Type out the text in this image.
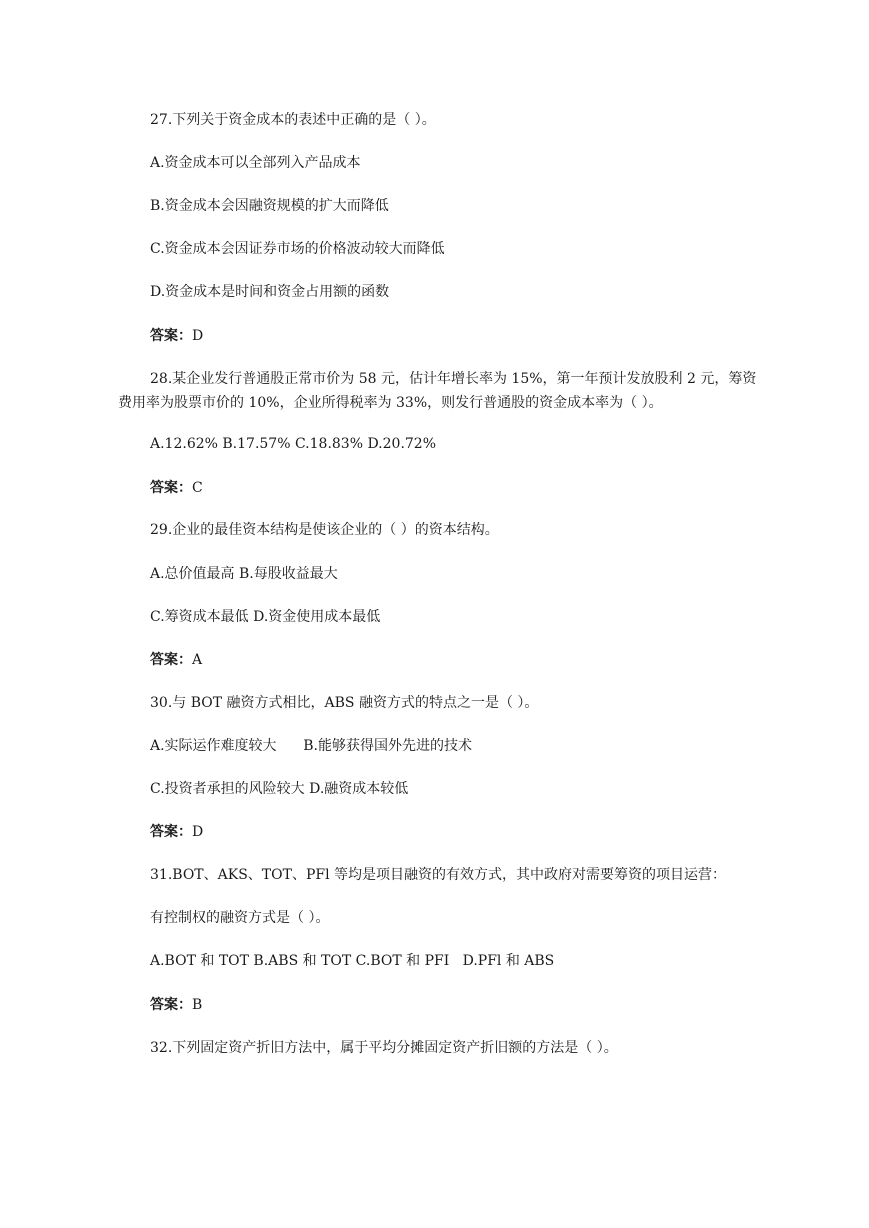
27.下列关于资金成本的表述中正确的是（ ）。
A.资金成本可以全部列入产品成本
B.资金成本会因融资规模的扩大而降低
C.资金成本会因证券市场的价格波动较大而降低
D.资金成本是时间和资金占用额的函数
答案：D
28.某企业发行普通股正常市价为 58 元，估计年增长率为 15%，第一年预计发放股利 2 元，筹资费用率为股票市价的 10%，企业所得税率为 33%，则发行普通股的资金成本率为（ ）。
A.12.62% B.17.57% C.18.83% D.20.72%
答案：C
29.企业的最佳资本结构是使该企业的（ ）的资本结构。
A.总价值最高 B.每股收益最大
C.筹资成本最低 D.资金使用成本最低
答案：A
30.与 BOT 融资方式相比，ABS 融资方式的特点之一是（ ）。
A.实际运作难度较大      B.能够获得国外先进的技术
C.投资者承担的风险较大 D.融资成本较低
答案：D
31.BOT、AKS、TOT、PFl 等均是项目融资的有效方式，其中政府对需要筹资的项目运营：
有控制权的融资方式是（ ）。
A.BOT 和 TOT B.ABS 和 TOT C.BOT 和 PFI   D.PFl 和 ABS
答案：B
32.下列固定资产折旧方法中，属于平均分摊固定资产折旧额的方法是（ ）。
